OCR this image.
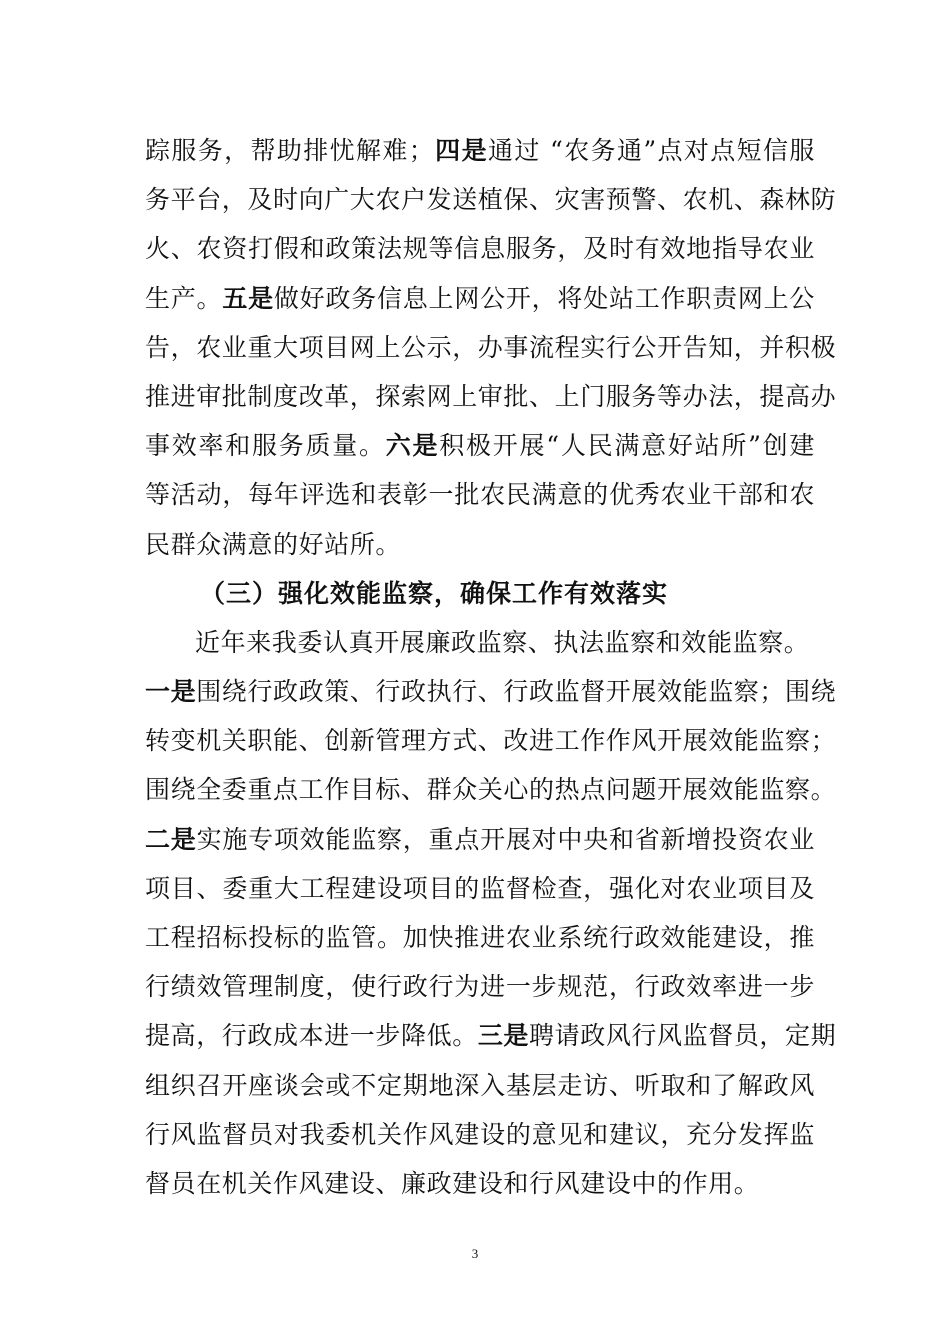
踪服务，帮助排忧解难；四是通过 “农务通”点对点短信服
务平台，及时向广大农户发送植保、灾害预警、农机、森林防
火、农资打假和政策法规等信息服务，及时有效地指导农业
生产。五是做好政务信息上网公开，将处站工作职责网上公
告，农业重大项目网上公示，办事流程实行公开告知，并积极
推进审批制度改革，探索网上审批、上门服务等办法，提高办
事效率和服务质量。六是积极开展“人民满意好站所”创建
等活动，每年评选和表彰一批农民满意的优秀农业干部和农
民群众满意的好站所。
（三）强化效能监察，确保工作有效落实
近年来我委认真开展廉政监察、执法监察和效能监察。
一是围绕行政政策、行政执行、行政监督开展效能监察；围绕
转变机关职能、创新管理方式、改进工作作风开展效能监察；
围绕全委重点工作目标、群众关心的热点问题开展效能监察。
二是实施专项效能监察，重点开展对中央和省新增投资农业
项目、委重大工程建设项目的监督检查，强化对农业项目及
工程招标投标的监管。加快推进农业系统行政效能建设，推
行绩效管理制度，使行政行为进一步规范，行政效率进一步
提高，行政成本进一步降低。三是聘请政风行风监督员，定期
组织召开座谈会或不定期地深入基层走访、听取和了解政风
行风监督员对我委机关作风建设的意见和建议，充分发挥监
督员在机关作风建设、廉政建设和行风建设中的作用。
3
